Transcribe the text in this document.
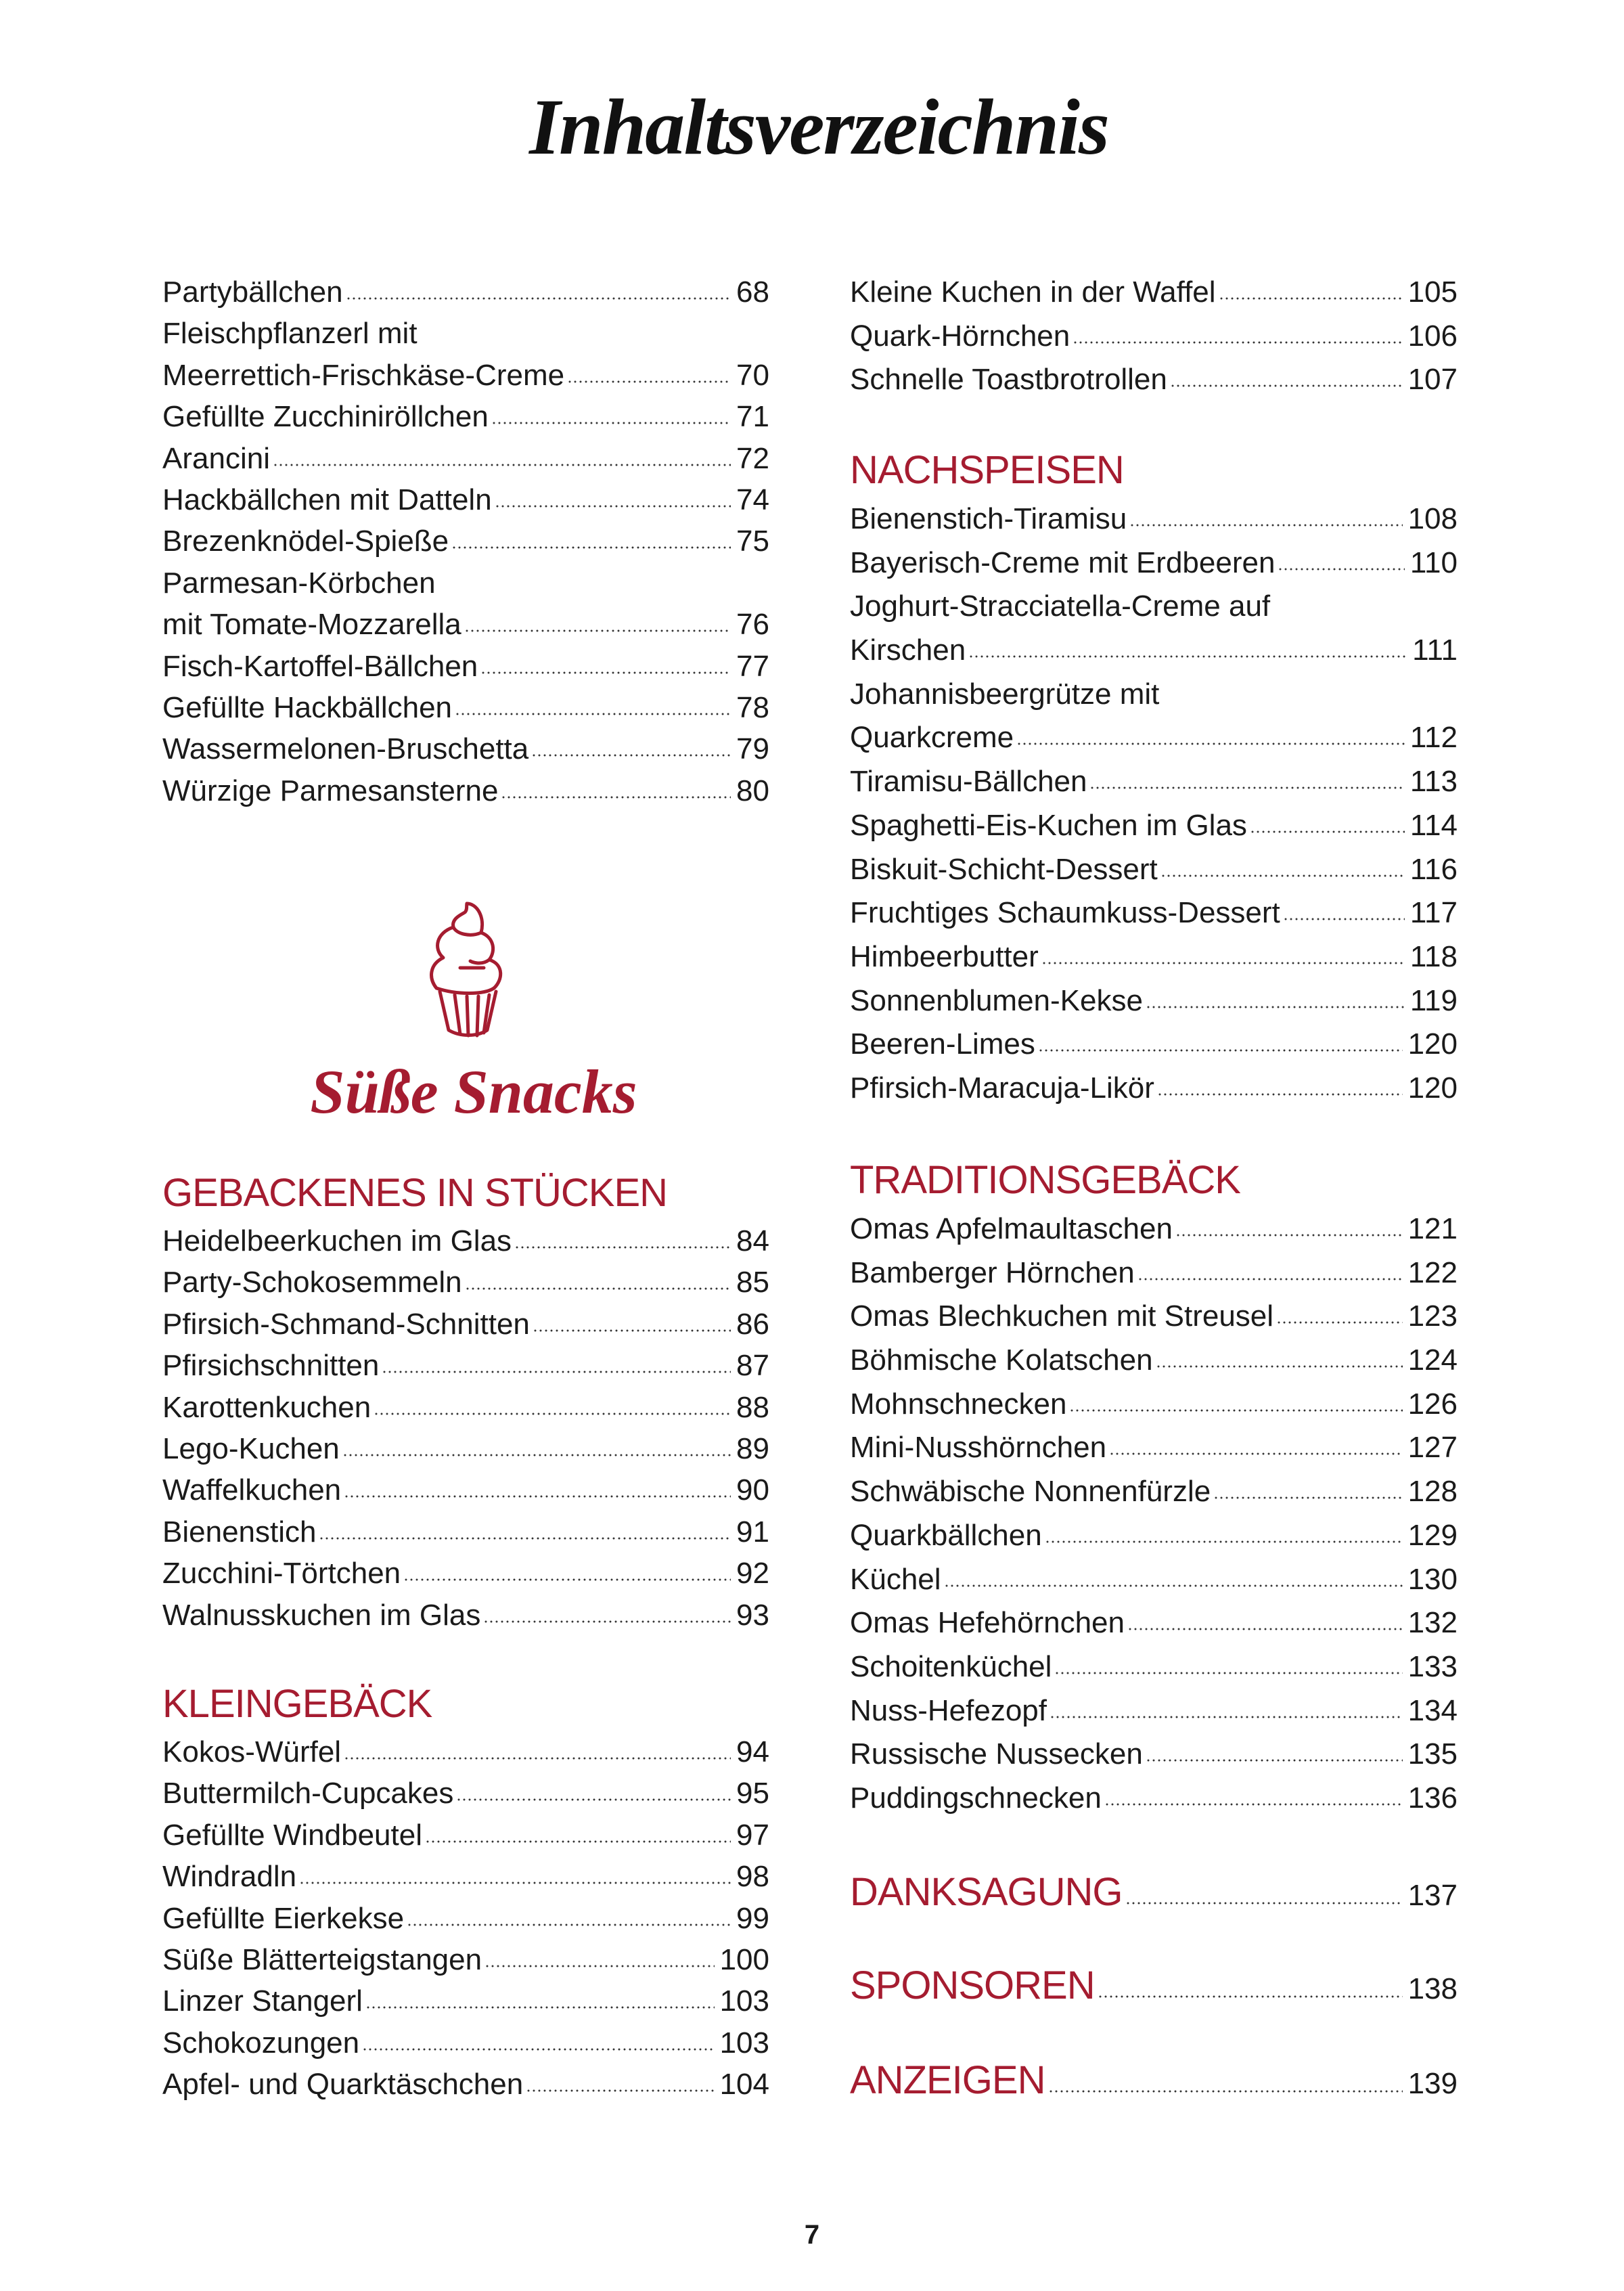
Inhaltsverzeichnis
Partybällchen	68
Fleischpflanzerl mit
Meerrettich-Frischkäse-Creme	70
Gefüllte Zucchiniröllchen	71
Arancini	72
Hackbällchen mit Datteln	74
Brezenknödel-Spieße	75
Parmesan-Körbchen
mit Tomate-Mozzarella	76
Fisch-Kartoffel-Bällchen	77
Gefüllte Hackbällchen	78
Wassermelonen-Bruschetta	79
Würzige Parmesansterne	80
Süße Snacks
GEBACKENES IN STÜCKEN
Heidelbeerkuchen im Glas	84
Party-Schokosemmeln	85
Pfirsich-Schmand-Schnitten	86
Pfirsichschnitten	87
Karottenkuchen	88
Lego-Kuchen	89
Waffelkuchen	90
Bienenstich	91
Zucchini-Törtchen	92
Walnusskuchen im Glas	93
KLEINGEBÄCK
Kokos-Würfel	94
Buttermilch-Cupcakes	95
Gefüllte Windbeutel	97
Windradln	98
Gefüllte Eierkekse	99
Süße Blätterteigstangen	100
Linzer Stangerl	103
Schokozungen	103
Apfel- und Quarktäschchen	104
Kleine Kuchen in der Waffel	105
Quark-Hörnchen	106
Schnelle Toastbrotrollen	107
NACHSPEISEN
Bienenstich-Tiramisu	108
Bayerisch-Creme mit Erdbeeren	110
Joghurt-Stracciatella-Creme auf
Kirschen	111
Johannisbeergrütze mit
Quarkcreme	112
Tiramisu-Bällchen	113
Spaghetti-Eis-Kuchen im Glas	114
Biskuit-Schicht-Dessert	116
Fruchtiges Schaumkuss-Dessert	117
Himbeerbutter	118
Sonnenblumen-Kekse	119
Beeren-Limes	120
Pfirsich-Maracuja-Likör	120
TRADITIONSGEBÄCK
Omas Apfelmaultaschen	121
Bamberger Hörnchen	122
Omas Blechkuchen mit Streusel	123
Böhmische Kolatschen	124
Mohnschnecken	126
Mini-Nusshörnchen	127
Schwäbische Nonnenfürzle	128
Quarkbällchen	129
Küchel	130
Omas Hefehörnchen	132
Schoitenküchel	133
Nuss-Hefezopf	134
Russische Nussecken	135
Puddingschnecken	136
DANKSAGUNG	137
SPONSOREN	138
ANZEIGEN	139
7
